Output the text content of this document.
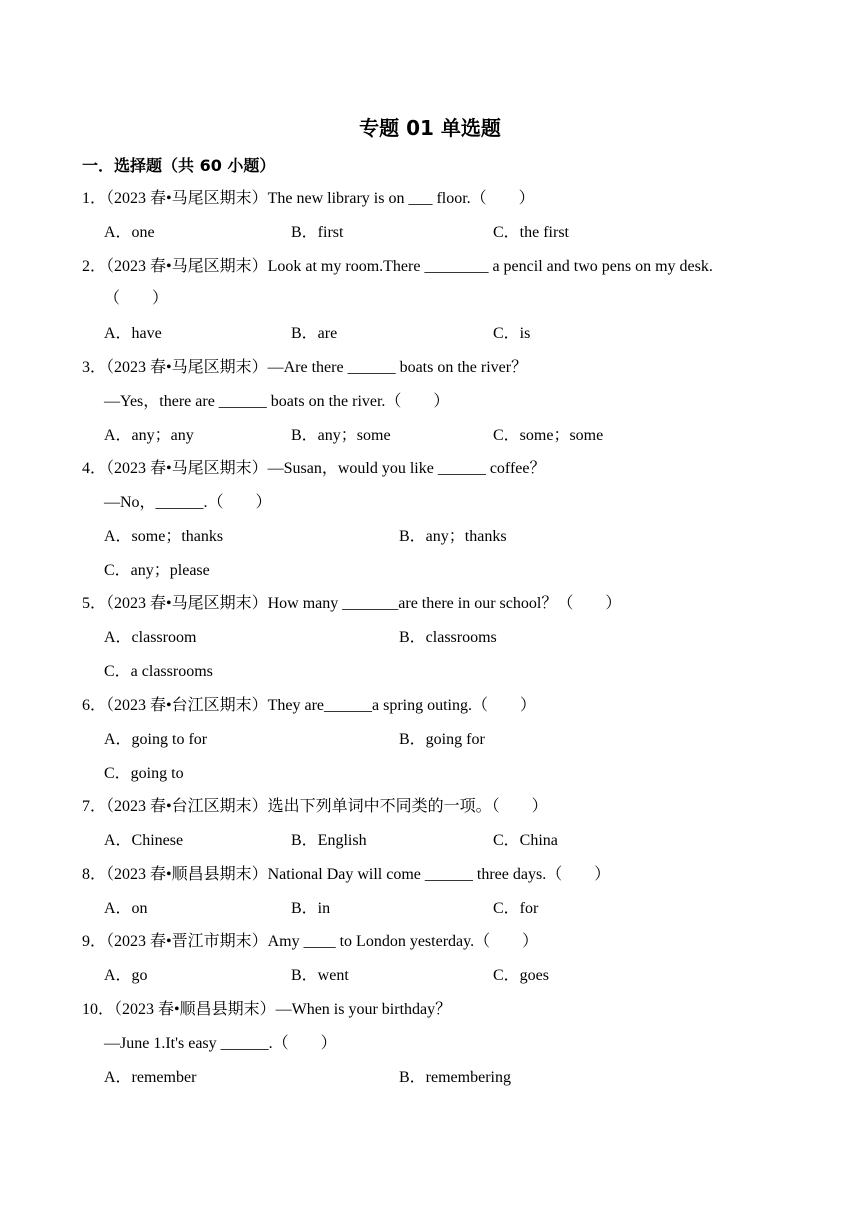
专题 01 单选题
一．选择题（共 60 小题）
1．（2023 春•马尾区期末）The new library is on ___ floor.（　　）
A．one	B．first	C．the first
2．（2023 春•马尾区期末）Look at my room.There ________ a pencil and two pens on my desk.
（　　）
A．have	B．are	C．is
3．（2023 春•马尾区期末）—Are there ______ boats on the river？
—Yes，there are ______ boats on the river.（　　）
A．any；any	B．any；some	C．some；some
4．（2023 春•马尾区期末）—Susan，would you like ______ coffee？
—No，______.（　　）
A．some；thanks	B．any；thanks
C．any；please
5．（2023 春•马尾区期末）How many _______are there in our school？（　　）
A．classroom	B．classrooms
C．a classrooms
6．（2023 春•台江区期末）They are______a spring outing.（　　）
A．going to for	B．going for
C．going to
7．（2023 春•台江区期末）选出下列单词中不同类的一项。（　　）
A．Chinese	B．English	C．China
8．（2023 春•顺昌县期末）National Day will come ______ three days.（　　）
A．on	B．in	C．for
9．（2023 春•晋江市期末）Amy ____ to London yesterday.（　　）
A．go	B．went	C．goes
10．（2023 春•顺昌县期末）—When is your birthday？
—June 1.It's easy ______.（　　）
A．remember	B．remembering
